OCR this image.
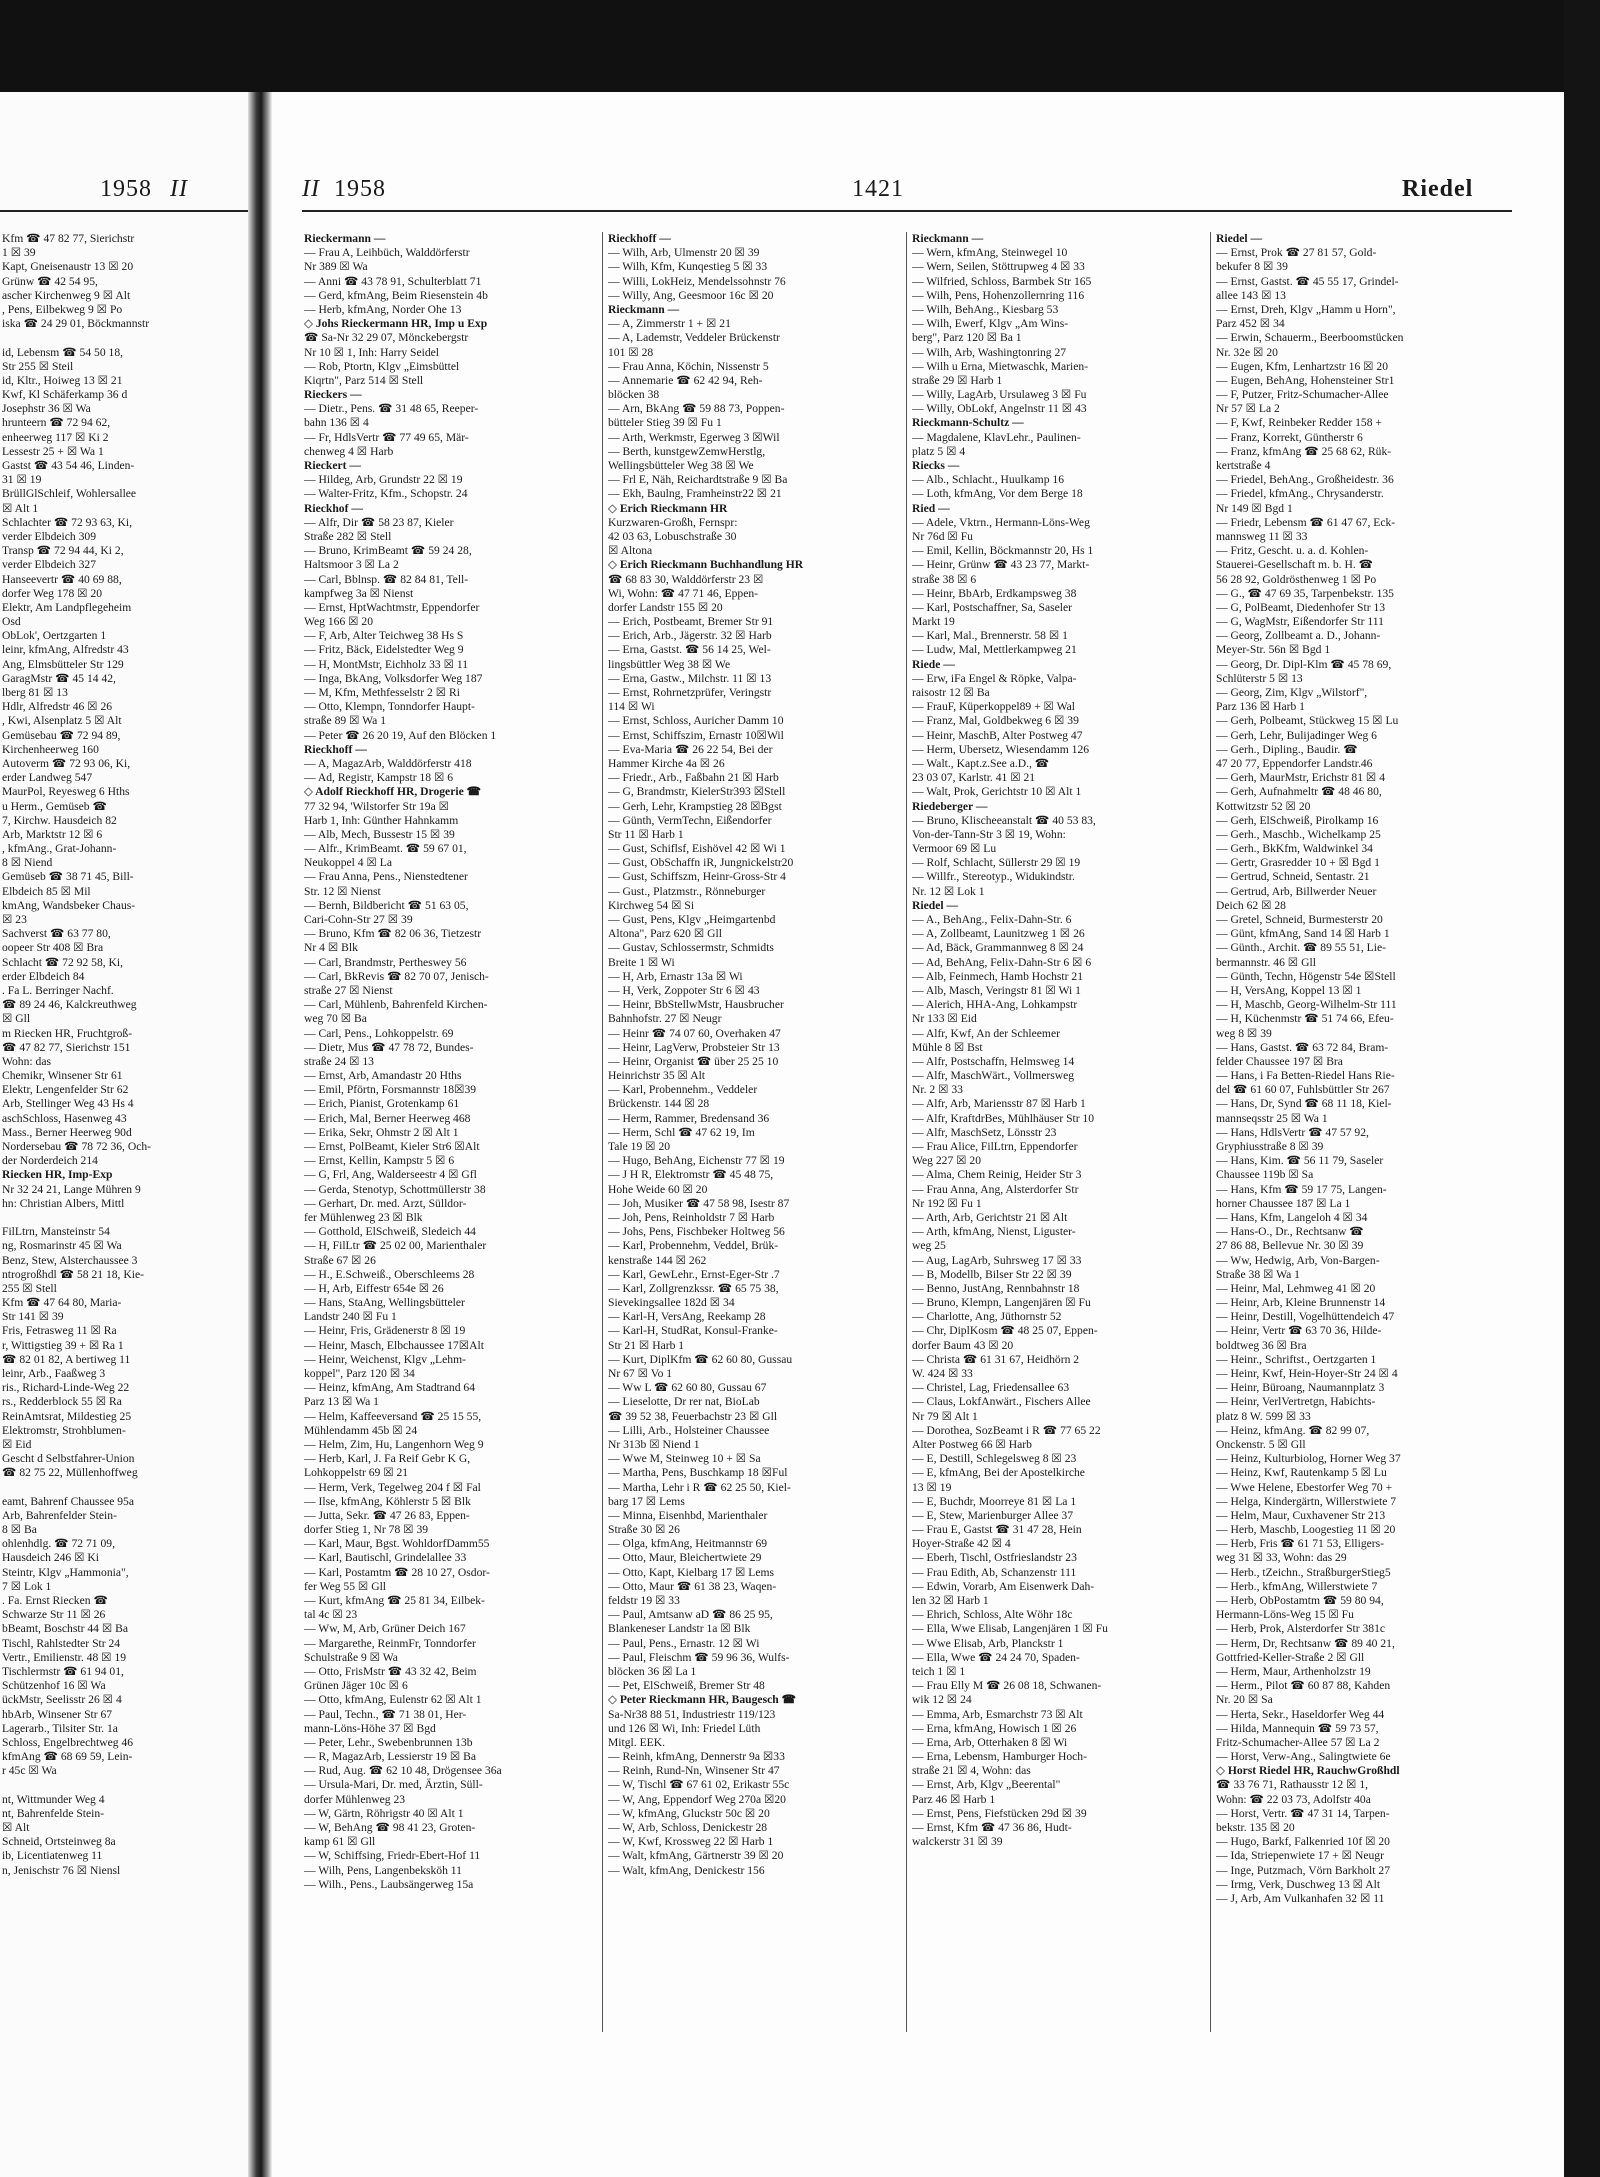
1958 II
Kfm ☎ 47 82 77, Sierichstr
1 ☒ 39
Kapt, Gneisenaustr 13 ☒ 20
Grünw ☎ 42 54 95,
ascher Kirchenweg 9 ☒ Alt
, Pens, Eilbekweg 9 ☒ Po
iska ☎ 24 29 01, Böckmannstr
id, Lebensm ☎ 54 50 18,
Str 255 ☒ Steil
id, Kltr., Hoiweg 13 ☒ 21
Kwf, Kl Schäferkamp 36 d
Josephstr 36 ☒ Wa
hrunteern ☎ 72 94 62,
enheerweg 117 ☒ Ki 2
Lessestr 25 + ☒ Wa 1
Gastst ☎ 43 54 46, Linden-
31 ☒ 19
BrüllGlSchleif, Wohlersallee
☒ Alt 1
Schlachter ☎ 72 93 63, Ki,
verder Elbdeich 309
Transp ☎ 72 94 44, Ki 2,
verder Elbdeich 327
Hanseevertr ☎ 40 69 88,
dorfer Weg 178 ☒ 20
Elektr, Am Landpflegeheim
Osd
ObLok', Oertzgarten 1
leinr, kfmAng, Alfredstr 43
Ang, Elmsbütteler Str 129
GaragMstr ☎ 45 14 42,
lberg 81 ☒ 13
Hdlr, Alfredstr 46 ☒ 26
, Kwi, Alsenplatz 5 ☒ Alt
Gemüsebau ☎ 72 94 89,
Kirchenheerweg 160
Autoverm ☎ 72 93 06, Ki,
erder Landweg 547
MaurPol, Reyesweg 6 Hths
u Herm., Gemüseb ☎
7, Kirchw. Hausdeich 82
Arb, Marktstr 12 ☒ 6
, kfmAng., Grat-Johann-
8 ☒ Niend
Gemüseb ☎ 38 71 45, Bill-
Elbdeich 85 ☒ Mil
kmAng, Wandsbeker Chaus-
☒ 23
Sachverst ☎ 63 77 80,
oopeer Str 408 ☒ Bra
Schlacht ☎ 72 92 58, Ki,
erder Elbdeich 84
. Fa L. Berringer Nachf.
☎ 89 24 46, Kalckreuthweg
☒ Gll
m Riecken HR, Fruchtgroß-
☎ 47 82 77, Sierichstr 151
Wohn: das
Chemikr, Winsener Str 61
Elektr, Lengenfelder Str 62
Arb, Stellinger Weg 43 Hs 4
aschSchloss, Hasenweg 43
Mass., Berner Heerweg 90d
Nordersebau ☎ 78 72 36, Och-
der Norderdeich 214
Riecken HR, Imp-Exp
Nr 32 24 21, Lange Mühren 9
hn: Christian Albers, Mittl
FilLtrn, Mansteinstr 54
ng, Rosmarinstr 45 ☒ Wa
Benz, Stew, Alsterchaussee 3
ntrogroßhdl ☎ 58 21 18, Kie-
255 ☒ Stell
Kfm ☎ 47 64 80, Maria-
Str 141 ☒ 39
Fris, Fetrasweg 11 ☒ Ra
r, Wittigstieg 39 + ☒ Ra 1
☎ 82 01 82, A bertiweg 11
leinr, Arb., Faaßweg 3
ris., Richard-Linde-Weg 22
rs., Redderblock 55 ☒ Ra
ReinAmtsrat, Mildestieg 25
Elektromstr, Strohblumen-
☒ Eid
Gescht d Selbstfahrer-Union
☎ 82 75 22, Müllenhoffweg
eamt, Bahrenf Chaussee 95a
Arb, Bahrenfelder Stein-
8 ☒ Ba
ohlenhdlg. ☎ 72 71 09,
Hausdeich 246 ☒ Ki
Steintr, Klgv „Hammonia",
7 ☒ Lok 1
. Fa. Ernst Riecken ☎
Schwarze Str 11 ☒ 26
bBeamt, Boschstr 44 ☒ Ba
Tischl, Rahlstedter Str 24
Vertr., Emilienstr. 48 ☒ 19
Tischlermstr ☎ 61 94 01,
Schützenhof 16 ☒ Wa
ückMstr, Seelisstr 26 ☒ 4
hbArb, Winsener Str 67
Lagerarb., Tilsiter Str. 1a
Schloss, Engelbrechtweg 46
kfmAng ☎ 68 69 59, Lein-
r 45c ☒ Wa
nt, Wittmunder Weg 4
nt, Bahrenfelde Stein-
☒ Alt
Schneid, Ortsteinweg 8a
ib, Licentiatenweg 11
n, Jenischstr 76 ☒ Niensl
II 1958	1421	Riedel
Rieckermann —
— Frau A, Leihbüch, Walddörferstr
Nr 389 ☒ Wa
— Anni ☎ 43 78 91, Schulterblatt 71
— Gerd, kfmAng, Beim Riesenstein 4b
— Herb, kfmAng, Norder Ohe 13
◇ Johs Rieckermann HR, Imp u Exp
☎ Sa-Nr 32 29 07, Mönckebergstr
Nr 10 ☒ 1, Inh: Harry Seidel
— Rob, Ptortn, Klgv „Eimsbüttel
Kiqrtn", Parz 514 ☒ Stell
Rieckers —
— Dietr., Pens. ☎ 31 48 65, Reeper-
bahn 136 ☒ 4
— Fr, HdlsVertr ☎ 77 49 65, Mär-
chenweg 4 ☒ Harb
Rieckert —
— Hildeg, Arb, Grundstr 22 ☒ 19
— Walter-Fritz, Kfm., Schopstr. 24
Rieckhof —
— Alfr, Dir ☎ 58 23 87, Kieler
Straße 282 ☒ Stell
— Bruno, KrimBeamt ☎ 59 24 28,
Haltsmoor 3 ☒ La 2
— Carl, Bblnsp. ☎ 82 84 81, Tell-
kampfweg 3a ☒ Nienst
— Ernst, HptWachtmstr, Eppendorfer
Weg 166 ☒ 20
— F, Arb, Alter Teichweg 38 Hs S
— Fritz, Bäck, Eidelstedter Weg 9
— H, MontMstr, Eichholz 33 ☒ 11
— Inga, BkAng, Volksdorfer Weg 187
— M, Kfm, Methfesselstr 2 ☒ Ri
— Otto, Klempn, Tonndorfer Haupt-
straße 89 ☒ Wa 1
— Peter ☎ 26 20 19, Auf den Blöcken 1
Rieckhoff —
— A, MagazArb, Walddörferstr 418
— Ad, Registr, Kampstr 18 ☒ 6
◇ Adolf Rieckhoff HR, Drogerie ☎
77 32 94, 'Wilstorfer Str 19a ☒
Harb 1, Inh: Günther Hahnkamm
— Alb, Mech, Bussestr 15 ☒ 39
— Alfr., KrimBeamt. ☎ 59 67 01,
Neukoppel 4 ☒ La
— Frau Anna, Pens., Nienstedtener
Str. 12 ☒ Nienst
— Bernh, Bildbericht ☎ 51 63 05,
Cari-Cohn-Str 27 ☒ 39
— Bruno, Kfm ☎ 82 06 36, Tietzestr
Nr 4 ☒ Blk
— Carl, Brandmstr, Pertheswey 56
— Carl, BkRevis ☎ 82 70 07, Jenisch-
straße 27 ☒ Nienst
— Carl, Mühlenb, Bahrenfeld Kirchen-
weg 70 ☒ Ba
— Carl, Pens., Lohkoppelstr. 69
— Dietr, Mus ☎ 47 78 72, Bundes-
straße 24 ☒ 13
— Ernst, Arb, Amandastr 20 Hths
— Emil, Pförtn, Forsmannstr 18☒39
— Erich, Pianist, Grotenkamp 61
— Erich, Mal, Berner Heerweg 468
— Erika, Sekr, Ohmstr 2 ☒ Alt 1
— Ernst, PolBeamt, Kieler Str6 ☒Alt
— Ernst, Kellin, Kampstr 5 ☒ 6
— G, Frl, Ang, Walderseestr 4 ☒ Gfl
— Gerda, Stenotyp, Schottmüllerstr 38
— Gerhart, Dr. med. Arzt, Sülldor-
fer Mühlenweg 23 ☒ Blk
— Gotthold, ElSchweiß, Sledeich 44
— H, FilLtr ☎ 25 02 00, Marienthaler
Straße 67 ☒ 26
— H., E.Schweiß., Oberschleems 28
— H, Arb, Eiffestr 654e ☒ 26
— Hans, StaAng, Wellingsbütteler
Landstr 240 ☒ Fu 1
— Heinr, Fris, Grädenerstr 8 ☒ 19
— Heinr, Masch, Elbchaussee 17☒Alt
— Heinr, Weichenst, Klgv „Lehm-
koppel", Parz 120 ☒ 34
— Heinz, kfmAng, Am Stadtrand 64
Parz 13 ☒ Wa 1
— Helm, Kaffeeversand ☎ 25 15 55,
Mühlendamm 45b ☒ 24
— Helm, Zim, Hu, Langenhorn Weg 9
— Herb, Karl, J. Fa Reif Gebr K G,
Lohkoppelstr 69 ☒ 21
— Herm, Verk, Tegelweg 204 f ☒ Fal
— Ilse, kfmAng, Köhlerstr 5 ☒ Blk
— Jutta, Sekr. ☎ 47 26 83, Eppen-
dorfer Stieg 1, Nr 78 ☒ 39
— Karl, Maur, Bgst. WohldorfDamm55
— Karl, Bautischl, Grindelallee 33
— Karl, Postamtm ☎ 28 10 27, Osdor-
fer Weg 55 ☒ Gll
— Kurt, kfmAng ☎ 25 81 34, Eilbek-
tal 4c ☒ 23
— Ww, M, Arb, Grüner Deich 167
— Margarethe, ReinmFr, Tonndorfer
Schulstraße 9 ☒ Wa
— Otto, FrisMstr ☎ 43 32 42, Beim
Grünen Jäger 10c ☒ 6
— Otto, kfmAng, Eulenstr 62 ☒ Alt 1
— Paul, Techn., ☎ 71 38 01, Her-
mann-Löns-Höhe 37 ☒ Bgd
— Peter, Lehr., Swebenbrunnen 13b
— R, MagazArb, Lessierstr 19 ☒ Ba
— Rud, Aug. ☎ 62 10 48, Drögensee 36a
— Ursula-Mari, Dr. med, Ärztin, Süll-
dorfer Mühlenweg 23
— W, Gärtn, Röhrigstr 40 ☒ Alt 1
— W, BehAng ☎ 98 41 23, Groten-
kamp 61 ☒ Gll
— W, Schiffsing, Friedr-Ebert-Hof 11
— Wilh, Pens, Langenbeksköh 11
— Wilh., Pens., Laubsängerweg 15a
Rieckhoff —
— Wilh, Arb, Ulmenstr 20 ☒ 39
— Wilh, Kfm, Kunqestieg 5 ☒ 33
— Willi, LokHeiz, Mendelssohnstr 76
— Willy, Ang, Geesmoor 16c ☒ 20
Rieckmann —
— A, Zimmerstr 1 + ☒ 21
— A, Lademstr, Veddeler Brückenstr
101 ☒ 28
— Frau Anna, Köchin, Nissenstr 5
— Annemarie ☎ 62 42 94, Reh-
blöcken 38
— Arn, BkAng ☎ 59 88 73, Poppen-
bütteler Stieg 39 ☒ Fu 1
— Arth, Werkmstr, Egerweg 3 ☒Wil
— Berth, kunstgewZemwHerstlg,
Wellingsbütteler Weg 38 ☒ We
— Frl E, Näh, Reichardtstraße 9 ☒ Ba
— Ekh, Baulng, Framheinstr22 ☒ 21
◇ Erich Rieckmann HR
Kurzwaren-Großh, Fernspr:
42 03 63, Lobuschstraße 30
☒ Altona
◇ Erich Rieckmann Buchhandlung HR
☎ 68 83 30, Walddörferstr 23 ☒
Wi, Wohn: ☎ 47 71 46, Eppen-
dorfer Landstr 155 ☒ 20
— Erich, Postbeamt, Bremer Str 91
— Erich, Arb., Jägerstr. 32 ☒ Harb
— Erna, Gastst. ☎ 56 14 25, Wel-
lingsbüttler Weg 38 ☒ We
— Erna, Gastw., Milchstr. 11 ☒ 13
— Ernst, Rohrnetzprüfer, Veringstr
114 ☒ Wi
— Ernst, Schloss, Auricher Damm 10
— Ernst, Schiffszim, Ernastr 10☒Wil
— Eva-Maria ☎ 26 22 54, Bei der
Hammer Kirche 4a ☒ 26
— Friedr., Arb., Faßbahn 21 ☒ Harb
— G, Brandmstr, KielerStr393 ☒Stell
— Gerh, Lehr, Krampstieg 28 ☒Bgst
— Günth, VermTechn, Eißendorfer
Str 11 ☒ Harb 1
— Gust, Schiflsf, Eishövel 42 ☒ Wi 1
— Gust, ObSchaffn iR, Jungnickelstr20
— Gust, Schiffszm, Heinr-Gross-Str 4
— Gust., Platzmstr., Rönneburger
Kirchweg 54 ☒ Si
— Gust, Pens, Klgv „Heimgartenbd
Altona", Parz 620 ☒ Gll
— Gustav, Schlossermstr, Schmidts
Breite 1 ☒ Wi
— H, Arb, Ernastr 13a ☒ Wi
— H, Verk, Zoppoter Str 6 ☒ 43
— Heinr, BbStellwMstr, Hausbrucher
Bahnhofstr. 27 ☒ Neugr
— Heinr ☎ 74 07 60, Overhaken 47
— Heinr, LagVerw, Probsteier Str 13
— Heinr, Organist ☎ über 25 25 10
Heinrichstr 35 ☒ Alt
— Karl, Probennehm., Veddeler
Brückenstr. 144 ☒ 28
— Herm, Rammer, Bredensand 36
— Herm, Schl ☎ 47 62 19, Im
Tale 19 ☒ 20
— Hugo, BehAng, Eichenstr 77 ☒ 19
— J H R, Elektromstr ☎ 45 48 75,
Hohe Weide 60 ☒ 20
— Joh, Musiker ☎ 47 58 98, Isestr 87
— Joh, Pens, Reinholdstr 7 ☒ Harb
— Johs, Pens, Fischbeker Holtweg 56
— Karl, Probennehm, Veddel, Brük-
kenstraße 144 ☒ 262
— Karl, GewLehr., Ernst-Eger-Str .7
— Karl, Zollgrenzkssr. ☎ 65 75 38,
Sievekingsallee 182d ☒ 34
— Karl-H, VersAng, Reekamp 28
— Karl-H, StudRat, Konsul-Franke-
Str 21 ☒ Harb 1
— Kurt, DiplKfm ☎ 62 60 80, Gussau
Nr 67 ☒ Vo 1
— Ww L ☎ 62 60 80, Gussau 67
— Lieselotte, Dr rer nat, BioLab
☎ 39 52 38, Feuerbachstr 23 ☒ Gll
— Lilli, Arb., Holsteiner Chaussee
Nr 313b ☒ Niend 1
— Wwe M, Steinweg 10 + ☒ Sa
— Martha, Pens, Buschkamp 18 ☒Ful
— Martha, Lehr i R ☎ 62 25 50, Kiel-
barg 17 ☒ Lems
— Minna, Eisenhbd, Marienthaler
Straße 30 ☒ 26
— Olga, kfmAng, Heitmannstr 69
— Otto, Maur, Bleichertwiete 29
— Otto, Kapt, Kielbarg 17 ☒ Lems
— Otto, Maur ☎ 61 38 23, Waqen-
feldstr 19 ☒ 33
— Paul, Amtsanw aD ☎ 86 25 95,
Blankeneser Landstr 1a ☒ Blk
— Paul, Pens., Ernastr. 12 ☒ Wi
— Paul, Fleischm ☎ 59 96 36, Wulfs-
blöcken 36 ☒ La 1
— Pet, ElSchweiß, Bremer Str 48
◇ Peter Rieckmann HR, Baugesch ☎
Sa-Nr38 88 51, Industriestr 119/123
und 126 ☒ Wi, Inh: Friedel Lüth
Mitgl. EEK.
— Reinh, kfmAng, Dennerstr 9a ☒33
— Reinh, Rund-Nn, Winsener Str 47
— W, Tischl ☎ 67 61 02, Erikastr 55c
— W, Ang, Eppendorf Weg 270a ☒20
— W, kfmAng, Gluckstr 50c ☒ 20
— W, Arb, Schloss, Denickestr 28
— W, Kwf, Krossweg 22 ☒ Harb 1
— Walt, kfmAng, Gärtnerstr 39 ☒ 20
— Walt, kfmAng, Denickestr 156
Rieckmann —
— Wern, kfmAng, Steinwegel 10
— Wern, Seilen, Stöttrupweg 4 ☒ 33
— Wilfried, Schloss, Barmbek Str 165
— Wilh, Pens, Hohenzollernring 116
— Wilh, BehAng., Kiesbarg 53
— Wilh, Ewerf, Klgv „Am Wins-
berg", Parz 120 ☒ Ba 1
— Wilh, Arb, Washingtonring 27
— Wilh u Erna, Mietwaschk, Marien-
straße 29 ☒ Harb 1
— Willy, LagArb, Ursulaweg 3 ☒ Fu
— Willy, ObLokf, Angelnstr 11 ☒ 43
Rieckmann-Schultz —
— Magdalene, KlavLehr., Paulinen-
platz 5 ☒ 4
Riecks —
— Alb., Schlacht., Huulkamp 16
— Loth, kfmAng, Vor dem Berge 18
Ried —
— Adele, Vktrn., Hermann-Löns-Weg
Nr 76d ☒ Fu
— Emil, Kellin, Böckmannstr 20, Hs 1
— Heinr, Grünw ☎ 43 23 77, Markt-
straße 38 ☒ 6
— Heinr, BbArb, Erdkampsweg 38
— Karl, Postschaffner, Sa, Saseler
Markt 19
— Karl, Mal., Brennerstr. 58 ☒ 1
— Ludw, Mal, Mettlerkampweg 21
Riede —
— Erw, iFa Engel & Röpke, Valpa-
raisostr 12 ☒ Ba
— FrauF, Küperkoppel89 + ☒ Wal
— Franz, Mal, Goldbekweg 6 ☒ 39
— Heinr, MaschB, Alter Postweg 47
— Herm, Ubersetz, Wiesendamm 126
— Walt., Kapt.z.See a.D., ☎
23 03 07, Karlstr. 41 ☒ 21
— Walt, Prok, Gerichtstr 10 ☒ Alt 1
Riedeberger —
— Bruno, Klischeeanstalt ☎ 40 53 83,
Von-der-Tann-Str 3 ☒ 19, Wohn:
Vermoor 69 ☒ Lu
— Rolf, Schlacht, Süllerstr 29 ☒ 19
— Willfr., Stereotyp., Widukindstr.
Nr. 12 ☒ Lok 1
Riedel —
— A., BehAng., Felix-Dahn-Str. 6
— A, Zollbeamt, Launitzweg 1 ☒ 26
— Ad, Bäck, Grammannweg 8 ☒ 24
— Ad, BehAng, Felix-Dahn-Str 6 ☒ 6
— Alb, Feinmech, Hamb Hochstr 21
— Alb, Masch, Veringstr 81 ☒ Wi 1
— Alerich, HHA-Ang, Lohkampstr
Nr 133 ☒ Eid
— Alfr, Kwf, An der Schleemer
Mühle 8 ☒ Bst
— Alfr, Postschaffn, Helmsweg 14
— Alfr, MaschWärt., Vollmersweg
Nr. 2 ☒ 33
— Alfr, Arb, Mariensstr 87 ☒ Harb 1
— Alfr, KraftdrBes, Mühlhäuser Str 10
— Alfr, MaschSetz, Lönsstr 23
— Frau Alice, FilLtrn, Eppendorfer
Weg 227 ☒ 20
— Alma, Chem Reinig, Heider Str 3
— Frau Anna, Ang, Alsterdorfer Str
Nr 192 ☒ Fu 1
— Arth, Arb, Gerichtstr 21 ☒ Alt
— Arth, kfmAng, Nienst, Liguster-
weg 25
— Aug, LagArb, Suhrsweg 17 ☒ 33
— B, Modellb, Bilser Str 22 ☒ 39
— Benno, JustAng, Rennbahnstr 18
— Bruno, Klempn, Langenjären ☒ Fu
— Charlotte, Ang, Jüthornstr 52
— Chr, DiplKosm ☎ 48 25 07, Eppen-
dorfer Baum 43 ☒ 20
— Christa ☎ 61 31 67, Heidhörn 2
W. 424 ☒ 33
— Christel, Lag, Friedensallee 63
— Claus, LokfAnwärt., Fischers Allee
Nr 79 ☒ Alt 1
— Dorothea, SozBeamt i R ☎ 77 65 22
Alter Postweg 66 ☒ Harb
— E, Destill, Schlegelsweg 8 ☒ 23
— E, kfmAng, Bei der Apostelkirche
13 ☒ 19
— E, Buchdr, Moorreye 81 ☒ La 1
— E, Stew, Marienburger Allee 37
— Frau E, Gastst ☎ 31 47 28, Hein
Hoyer-Straße 42 ☒ 4
— Eberh, Tischl, Ostfrieslandstr 23
— Frau Edith, Ab, Schanzenstr 111
— Edwin, Vorarb, Am Eisenwerk Dah-
len 32 ☒ Harb 1
— Ehrich, Schloss, Alte Wöhr 18c
— Ella, Wwe Elisab, Langenjären 1 ☒ Fu
— Wwe Elisab, Arb, Planckstr 1
— Ella, Wwe ☎ 24 24 70, Spaden-
teich 1 ☒ 1
— Frau Elly M ☎ 26 08 18, Schwanen-
wik 12 ☒ 24
— Emma, Arb, Esmarchstr 73 ☒ Alt
— Erna, kfmAng, Howisch 1 ☒ 26
— Erna, Arb, Otterhaken 8 ☒ Wi
— Erna, Lebensm, Hamburger Hoch-
straße 21 ☒ 4, Wohn: das
— Ernst, Arb, Klgv „Beerental"
Parz 46 ☒ Harb 1
— Ernst, Pens, Fiefstücken 29d ☒ 39
— Ernst, Kfm ☎ 47 36 86, Hudt-
walckerstr 31 ☒ 39
Riedel —
— Ernst, Prok ☎ 27 81 57, Gold-
bekufer 8 ☒ 39
— Ernst, Gastst. ☎ 45 55 17, Grindel-
allee 143 ☒ 13
— Ernst, Dreh, Klgv „Hamm u Horn",
Parz 452 ☒ 34
— Erwin, Schauerm., Beerboomstücken
Nr. 32e ☒ 20
— Eugen, Kfm, Lenhartzstr 16 ☒ 20
— Eugen, BehAng, Hohensteiner Str1
— F, Putzer, Fritz-Schumacher-Allee
Nr 57 ☒ La 2
— F, Kwf, Reinbeker Redder 158 +
— Franz, Korrekt, Güntherstr 6
— Franz, kfmAng ☎ 25 68 62, Rük-
kertstraße 4
— Friedel, BehAng., Großheidestr. 36
— Friedel, kfmAng., Chrysanderstr.
Nr 149 ☒ Bgd 1
— Friedr, Lebensm ☎ 61 47 67, Eck-
mannsweg 11 ☒ 33
— Fritz, Gescht. u. a. d. Kohlen-
Stauerei-Gesellschaft m. b. H. ☎
56 28 92, Goldrösthenweg 1 ☒ Po
— G., ☎ 47 69 35, Tarpenbekstr. 135
— G, PolBeamt, Diedenhofer Str 13
— G, WagMstr, Eißendorfer Str 111
— Georg, Zollbeamt a. D., Johann-
Meyer-Str. 56n ☒ Bgd 1
— Georg, Dr. Dipl-Klm ☎ 45 78 69,
Schlüterstr 5 ☒ 13
— Georg, Zim, Klgv „Wilstorf",
Parz 136 ☒ Harb 1
— Gerh, Polbeamt, Stückweg 15 ☒ Lu
— Gerh, Lehr, Bulijadinger Weg 6
— Gerh., Dipling., Baudir. ☎
47 20 77, Eppendorfer Landstr.46
— Gerh, MaurMstr, Erichstr 81 ☒ 4
— Gerh, Aufnahmeltr ☎ 48 46 80,
Kottwitzstr 52 ☒ 20
— Gerh, ElSchweiß, Pirolkamp 16
— Gerh., Maschb., Wichelkamp 25
— Gerh., BkKfm, Waldwinkel 34
— Gertr, Grasredder 10 + ☒ Bgd 1
— Gertrud, Schneid, Sentastr. 21
— Gertrud, Arb, Billwerder Neuer
Deich 62 ☒ 28
— Gretel, Schneid, Burmesterstr 20
— Günt, kfmAng, Sand 14 ☒ Harb 1
— Günth., Archit. ☎ 89 55 51, Lie-
bermannstr. 46 ☒ Gll
— Günth, Techn, Högenstr 54e ☒Stell
— H, VersAng, Koppel 13 ☒ 1
— H, Maschb, Georg-Wilhelm-Str 111
— H, Küchenmstr ☎ 51 74 66, Efeu-
weg 8 ☒ 39
— Hans, Gastst. ☎ 63 72 84, Bram-
felder Chaussee 197 ☒ Bra
— Hans, i Fa Betten-Riedel Hans Rie-
del ☎ 61 60 07, Fuhlsbüttler Str 267
— Hans, Dr, Synd ☎ 68 11 18, Kiel-
mannseqsstr 25 ☒ Wa 1
— Hans, HdlsVertr ☎ 47 57 92,
Gryphiusstraße 8 ☒ 39
— Hans, Kim. ☎ 56 11 79, Saseler
Chaussee 119b ☒ Sa
— Hans, Kfm ☎ 59 17 75, Langen-
horner Chaussee 187 ☒ La 1
— Hans, Kfm, Langeloh 4 ☒ 34
— Hans-O., Dr., Rechtsanw ☎
27 86 88, Bellevue Nr. 30 ☒ 39
— Ww, Hedwig, Arb, Von-Bargen-
Straße 38 ☒ Wa 1
— Heinr, Mal, Lehmweg 41 ☒ 20
— Heinr, Arb, Kleine Brunnenstr 14
— Heinr, Destill, Vogelhüttendeich 47
— Heinr, Vertr ☎ 63 70 36, Hilde-
boldtweg 36 ☒ Bra
— Heinr., Schriftst., Oertzgarten 1
— Heinr, Kwf, Hein-Hoyer-Str 24 ☒ 4
— Heinr, Büroang, Naumannplatz 3
— Heinr, VerlVertretgn, Habichts-
platz 8 W. 599 ☒ 33
— Heinz, kfmAng. ☎ 82 99 07,
Onckenstr. 5 ☒ Gll
— Heinz, Kulturbiolog, Horner Weg 37
— Heinz, Kwf, Rautenkamp 5 ☒ Lu
— Wwe Helene, Ebestorfer Weg 70 +
— Helga, Kindergärtn, Willerstwiete 7
— Helm, Maur, Cuxhavener Str 213
— Herb, Maschb, Loogestieg 11 ☒ 20
— Herb, Fris ☎ 61 71 53, Elligers-
weg 31 ☒ 33, Wohn: das 29
— Herb., tZeichn., StraßburgerStieg5
— Herb., kfmAng, Willerstwiete 7
— Herb, ObPostamtm ☎ 59 80 94,
Hermann-Löns-Weg 15 ☒ Fu
— Herb, Prok, Alsterdorfer Str 381c
— Herm, Dr, Rechtsanw ☎ 89 40 21,
Gottfried-Keller-Straße 2 ☒ Gll
— Herm, Maur, Arthenholzstr 19
— Herm., Pilot ☎ 60 87 88, Kahden
Nr. 20 ☒ Sa
— Herta, Sekr., Haseldorfer Weg 44
— Hilda, Mannequin ☎ 59 73 57,
Fritz-Schumacher-Allee 57 ☒ La 2
— Horst, Verw-Ang., Salingtwiete 6e
◇ Horst Riedel HR, RauchwGroßhdl
☎ 33 76 71, Rathausstr 12 ☒ 1,
Wohn: ☎ 22 03 73, Adolfstr 40a
— Horst, Vertr. ☎ 47 31 14, Tarpen-
bekstr. 135 ☒ 20
— Hugo, Barkf, Falkenried 10f ☒ 20
— Ida, Striepenwiete 17 + ☒ Neugr
— Inge, Putzmach, Vörn Barkholt 27
— Irmg, Verk, Duschweg 13 ☒ Alt
— J, Arb, Am Vulkanhafen 32 ☒ 11
